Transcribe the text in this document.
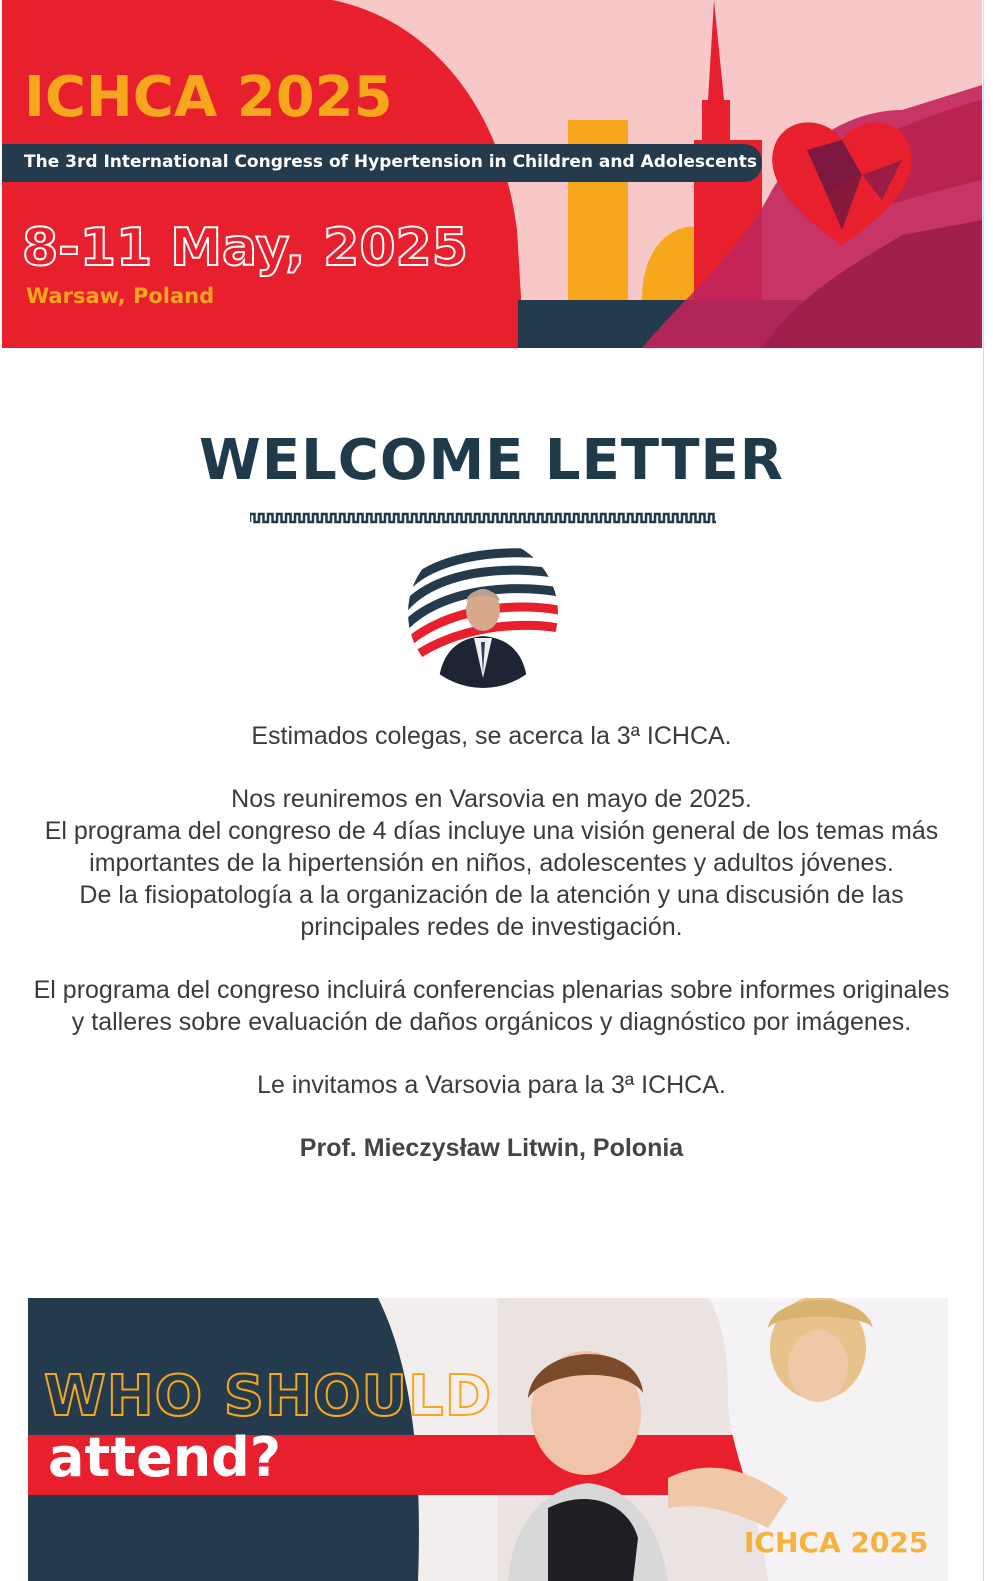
ICHCA 2025
The 3rd International Congress of Hypertension in Children and Adolescents
8-11 May, 2025
Warsaw, Poland
WELCOME LETTER

Estimados colegas, se acerca la 3ª ICHCA.

Nos reuniremos en Varsovia en mayo de 2025.
El programa del congreso de 4 días incluye una visión general de los temas más importantes de la hipertensión en niños, adolescentes y adultos jóvenes.
De la fisiopatología a la organización de la atención y una discusión de las principales redes de investigación.

El programa del congreso incluirá conferencias plenarias sobre informes originales y talleres sobre evaluación de daños orgánicos y diagnóstico por imágenes.

Le invitamos a Varsovia para la 3ª ICHCA.

Prof. Mieczysław Litwin, Polonia

WHO SHOULD
attend?
ICHCA 2025
